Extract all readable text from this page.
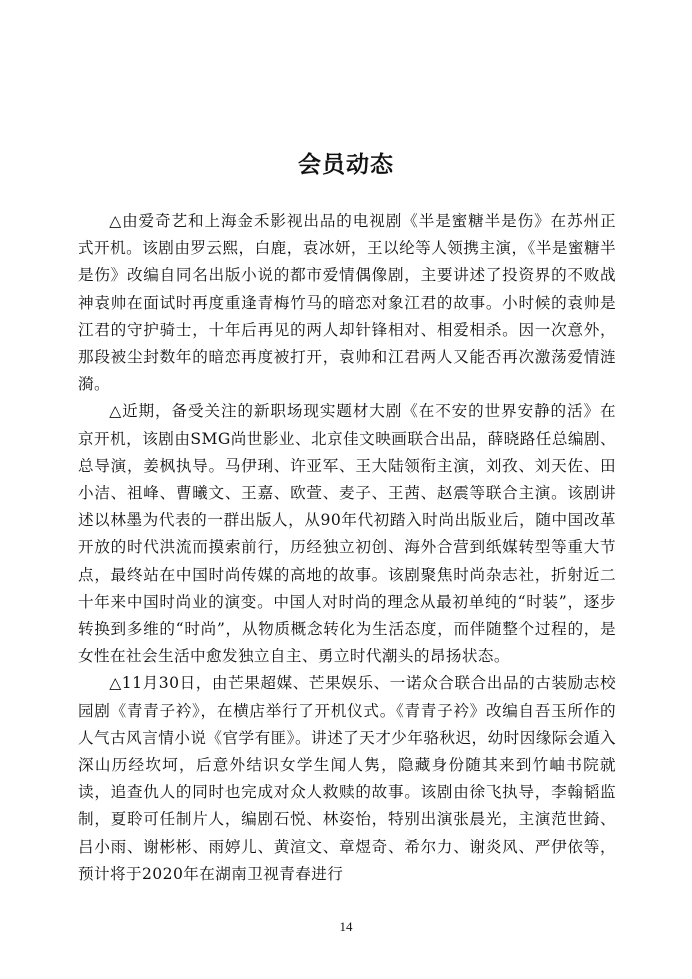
会员动态

△由爱奇艺和上海金禾影视出品的电视剧《半是蜜糖半是伤》在苏州正式开机。该剧由罗云熙，白鹿，袁冰妍，王以纶等人领携主演，《半是蜜糖半是伤》改编自同名出版小说的都市爱情偶像剧，主要讲述了投资界的不败战神袁帅在面试时再度重逢青梅竹马的暗恋对象江君的故事。小时候的袁帅是江君的守护骑士，十年后再见的两人却针锋相对、相爱相杀。因一次意外，那段被尘封数年的暗恋再度被打开，袁帅和江君两人又能否再次激荡爱情涟漪。

△近期，备受关注的新职场现实题材大剧《在不安的世界安静的活》在京开机，该剧由SMG尚世影业、北京佳文映画联合出品，薛晓路任总编剧、总导演，姜枫执导。马伊琍、许亚军、王大陆领衔主演，刘孜、刘天佐、田小洁、祖峰、曹曦文、王嘉、欧萱、麦子、王茜、赵震等联合主演。该剧讲述以林墨为代表的一群出版人，从90年代初踏入时尚出版业后，随中国改革开放的时代洪流而摸索前行，历经独立初创、海外合营到纸媒转型等重大节点，最终站在中国时尚传媒的高地的故事。该剧聚焦时尚杂志社，折射近二十年来中国时尚业的演变。中国人对时尚的理念从最初单纯的“时装”，逐步转换到多维的“时尚”，从物质概念转化为生活态度，而伴随整个过程的，是女性在社会生活中愈发独立自主、勇立时代潮头的昂扬状态。

△11月30日，由芒果超媒、芒果娱乐、一诺众合联合出品的古装励志校园剧《青青子衿》，在横店举行了开机仪式。《青青子衿》改编自吾玉所作的人气古风言情小说《官学有匪》。讲述了天才少年骆秋迟，幼时因缘际会遁入深山历经坎坷，后意外结识女学生闻人隽，隐藏身份随其来到竹岫书院就读，追查仇人的同时也完成对众人救赎的故事。该剧由徐飞执导，李翰韬监制，夏聆可任制片人，编剧石悦、林姿怡，特别出演张晨光，主演范世錡、吕小雨、谢彬彬、雨婷儿、黄渲文、章煜奇、希尔力、谢炎风、严伊依等，预计将于2020年在湖南卫视青春进行

14
